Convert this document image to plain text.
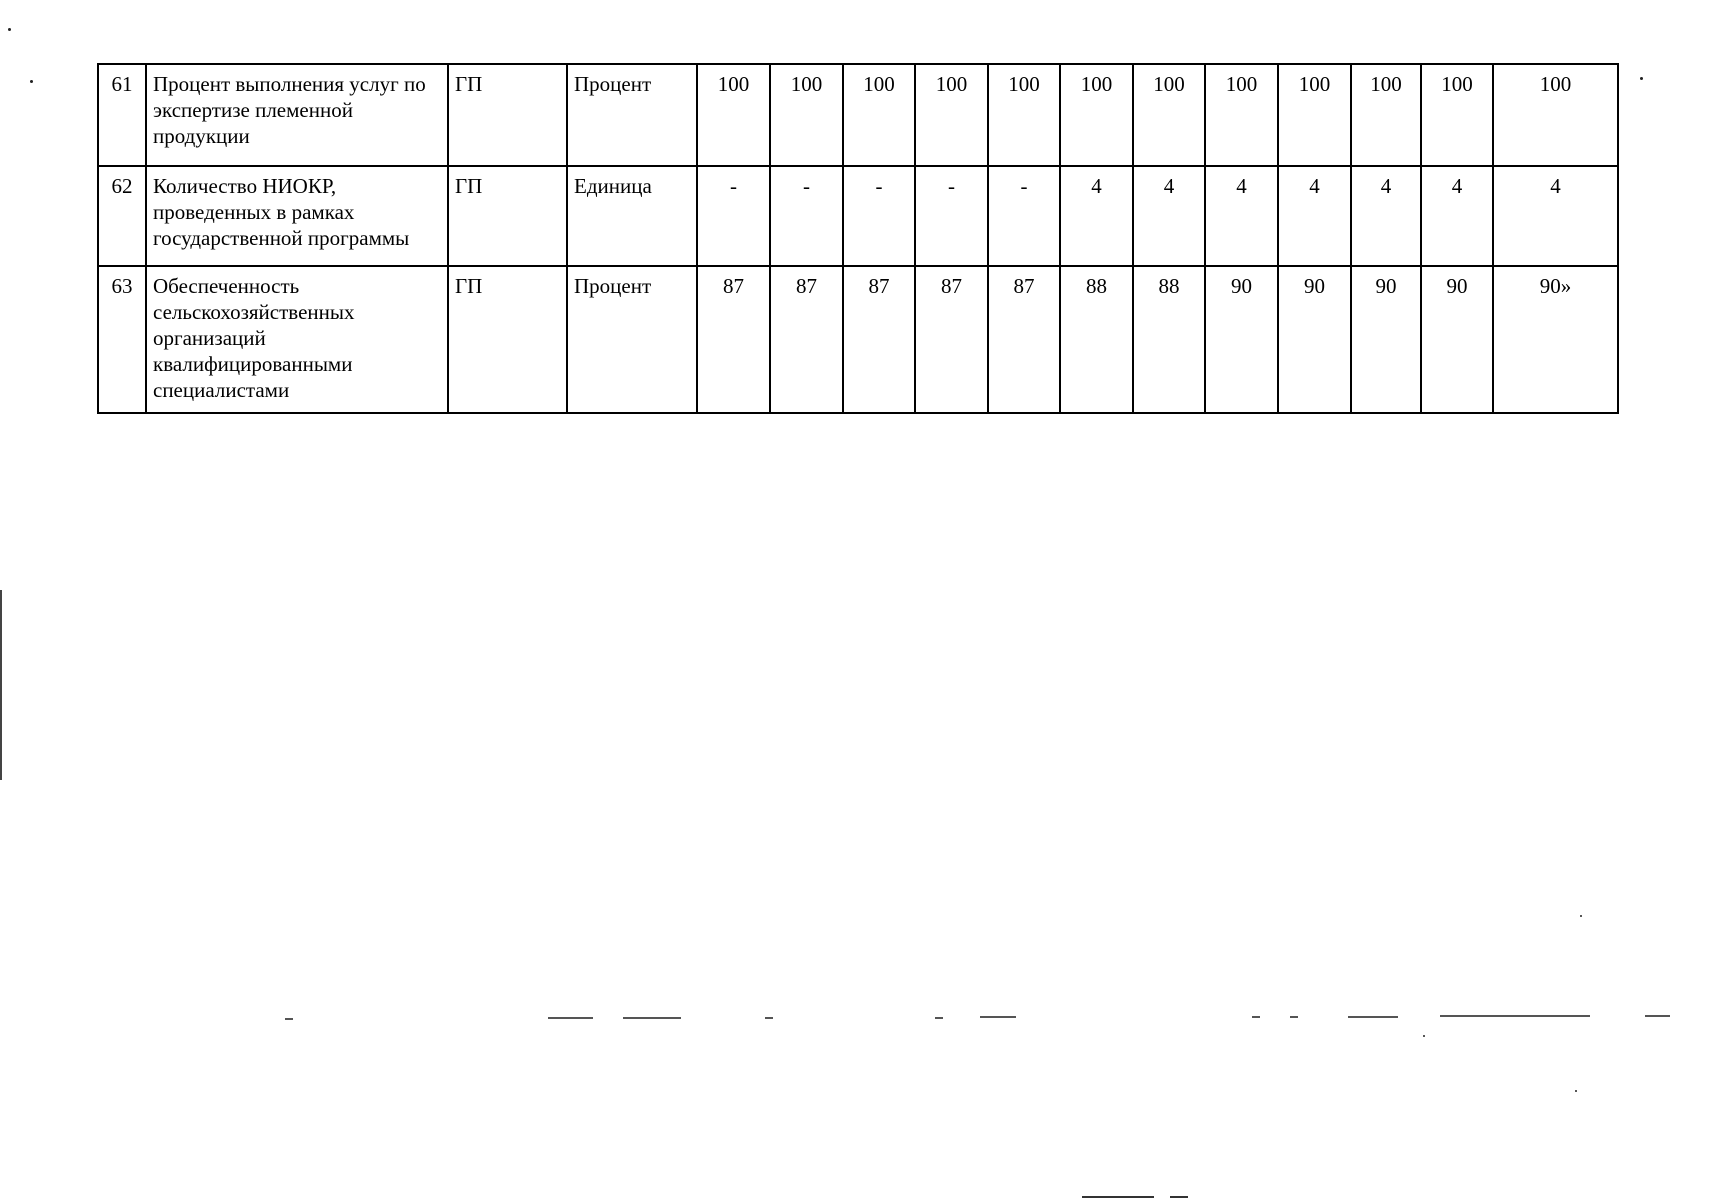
61	Процент выполнения услуг по экспертизе племенной продукции	ГП	Процент	100	100	100	100	100	100	100	100	100	100	100	100
62	Количество НИОКР, проведенных в рамках государственной программы	ГП	Единица	-	-	-	-	-	4	4	4	4	4	4	4
63	Обеспеченность сельскохозяйственных организаций квалифицированными специалистами	ГП	Процент	87	87	87	87	87	88	88	90	90	90	90	90»
